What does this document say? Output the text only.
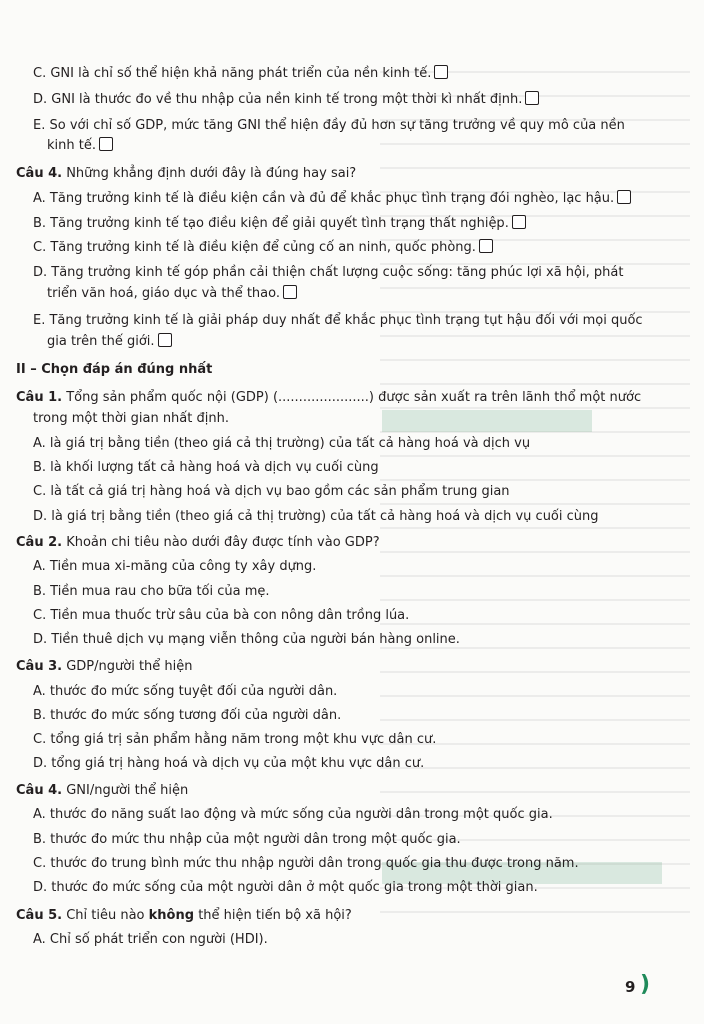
C. GNI là chỉ số thể hiện khả năng phát triển của nền kinh tế.
D. GNI là thước đo về thu nhập của nền kinh tế trong một thời kì nhất định.
E. So với chỉ số GDP, mức tăng GNI thể hiện đầy đủ hơn sự tăng trưởng về quy mô của nền
kinh tế.
Câu 4. Những khẳng định dưới đây là đúng hay sai?
A. Tăng trưởng kinh tế là điều kiện cần và đủ để khắc phục tình trạng đói nghèo, lạc hậu.
B. Tăng trưởng kinh tế tạo điều kiện để giải quyết tình trạng thất nghiệp.
C. Tăng trưởng kinh tế là điều kiện để củng cố an ninh, quốc phòng.
D. Tăng trưởng kinh tế góp phần cải thiện chất lượng cuộc sống: tăng phúc lợi xã hội, phát
triển văn hoá, giáo dục và thể thao.
E. Tăng trưởng kinh tế là giải pháp duy nhất để khắc phục tình trạng tụt hậu đối với mọi quốc
gia trên thế giới.
II – Chọn đáp án đúng nhất
Câu 1. Tổng sản phẩm quốc nội (GDP) (......................) được sản xuất ra trên lãnh thổ một nước
trong một thời gian nhất định.
A. là giá trị bằng tiền (theo giá cả thị trường) của tất cả hàng hoá và dịch vụ
B. là khối lượng tất cả hàng hoá và dịch vụ cuối cùng
C. là tất cả giá trị hàng hoá và dịch vụ bao gồm các sản phẩm trung gian
D. là giá trị bằng tiền (theo giá cả thị trường) của tất cả hàng hoá và dịch vụ cuối cùng
Câu 2. Khoản chi tiêu nào dưới đây được tính vào GDP?
A. Tiền mua xi-măng của công ty xây dựng.
B. Tiền mua rau cho bữa tối của mẹ.
C. Tiền mua thuốc trừ sâu của bà con nông dân trồng lúa.
D. Tiền thuê dịch vụ mạng viễn thông của người bán hàng online.
Câu 3. GDP/người thể hiện
A. thước đo mức sống tuyệt đối của người dân.
B. thước đo mức sống tương đối của người dân.
C. tổng giá trị sản phẩm hằng năm trong một khu vực dân cư.
D. tổng giá trị hàng hoá và dịch vụ của một khu vực dân cư.
Câu 4. GNI/người thể hiện
A. thước đo năng suất lao động và mức sống của người dân trong một quốc gia.
B. thước đo mức thu nhập của một người dân trong một quốc gia.
C. thước đo trung bình mức thu nhập người dân trong quốc gia thu được trong năm.
D. thước đo mức sống của một người dân ở một quốc gia trong một thời gian.
Câu 5. Chỉ tiêu nào không thể hiện tiến bộ xã hội?
A. Chỉ số phát triển con người (HDI).
9 )
